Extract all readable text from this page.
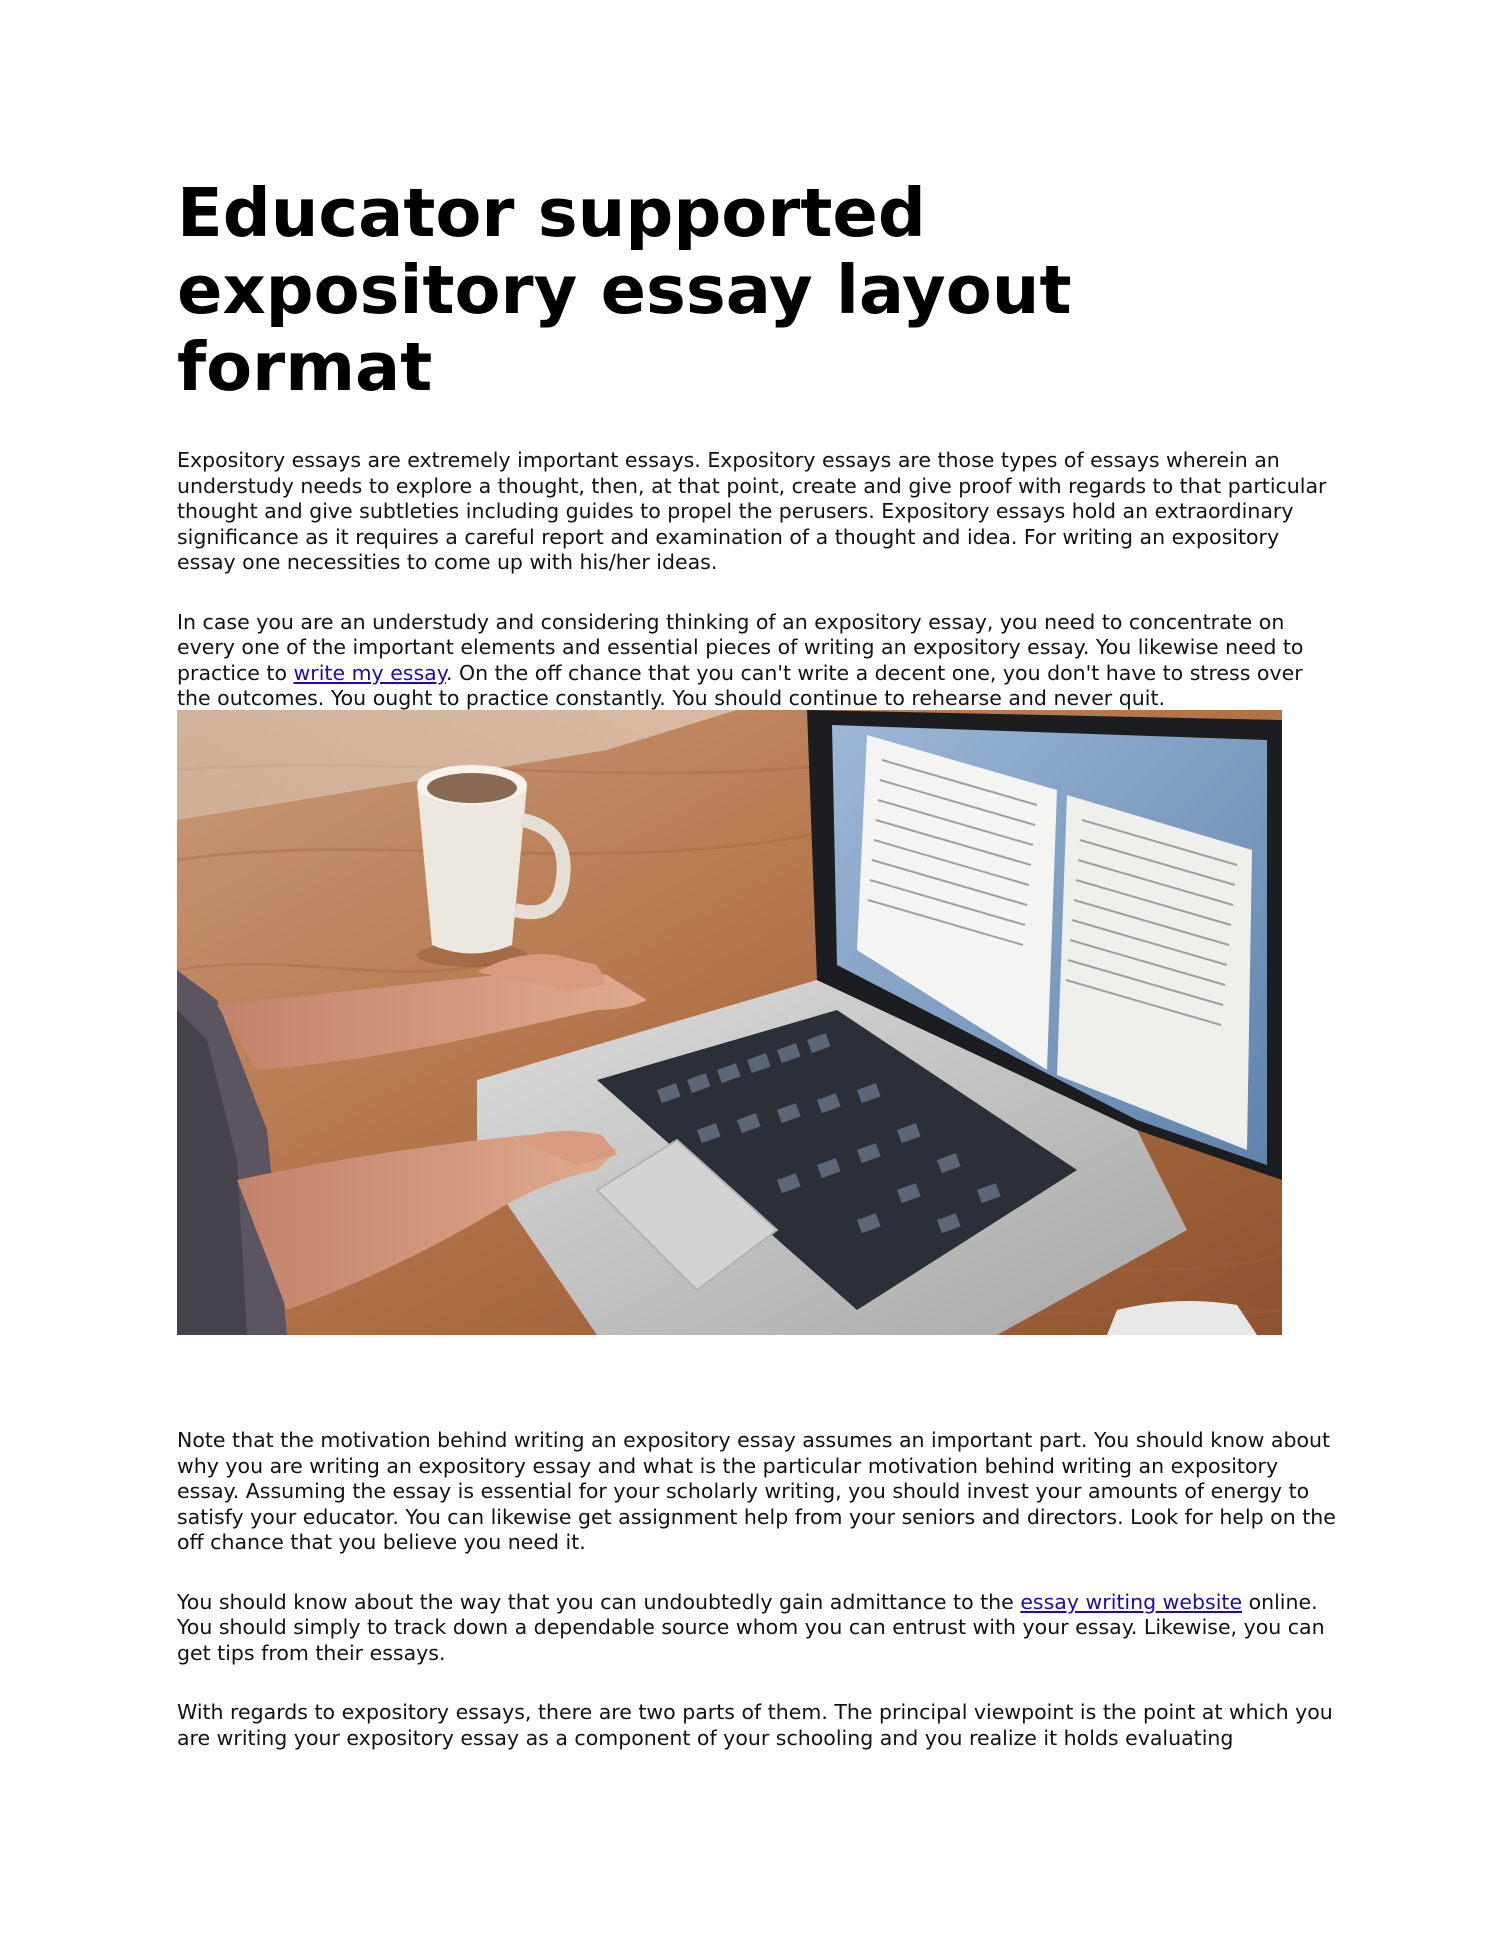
Educator supported expository essay layout format

Expository essays are extremely important essays. Expository essays are those types of essays wherein an understudy needs to explore a thought, then, at that point, create and give proof with regards to that particular thought and give subtleties including guides to propel the perusers. Expository essays hold an extraordinary significance as it requires a careful report and examination of a thought and idea. For writing an expository essay one necessities to come up with his/her ideas.

In case you are an understudy and considering thinking of an expository essay, you need to concentrate on every one of the important elements and essential pieces of writing an expository essay. You likewise need to practice to write my essay. On the off chance that you can't write a decent one, you don't have to stress over the outcomes. You ought to practice constantly. You should continue to rehearse and never quit.

Note that the motivation behind writing an expository essay assumes an important part. You should know about why you are writing an expository essay and what is the particular motivation behind writing an expository essay. Assuming the essay is essential for your scholarly writing, you should invest your amounts of energy to satisfy your educator. You can likewise get assignment help from your seniors and directors. Look for help on the off chance that you believe you need it.

You should know about the way that you can undoubtedly gain admittance to the essay writing website online. You should simply to track down a dependable source whom you can entrust with your essay. Likewise, you can get tips from their essays.

With regards to expository essays, there are two parts of them. The principal viewpoint is the point at which you are writing your expository essay as a component of your schooling and you realize it holds evaluating
